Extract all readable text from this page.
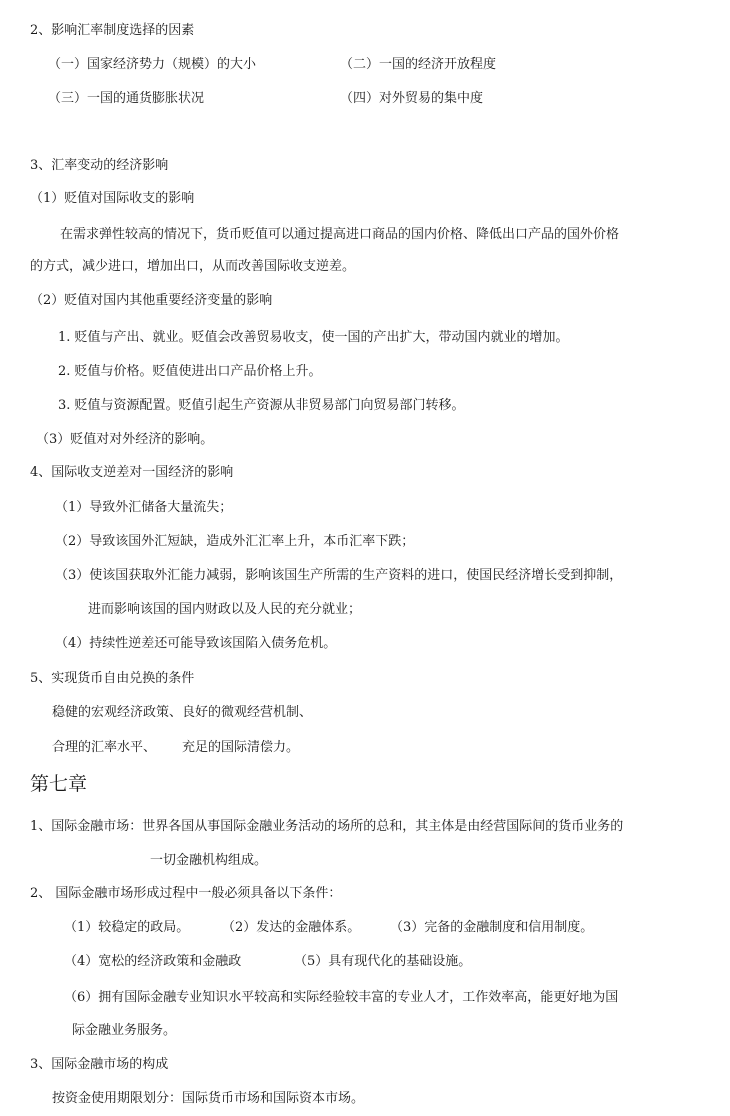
2、影响汇率制度选择的因素
（一）国家经济势力（规模）的大小	（二）一国的经济开放程度
（三）一国的通货膨胀状况	（四）对外贸易的集中度
3、汇率变动的经济影响
（1）贬值对国际收支的影响
在需求弹性较高的情况下，货币贬值可以通过提高进口商品的国内价格、降低出口产品的国外价格
的方式，减少进口，增加出口，从而改善国际收支逆差。
（2）贬值对国内其他重要经济变量的影响
1. 贬值与产出、就业。贬值会改善贸易收支，使一国的产出扩大，带动国内就业的增加。
2. 贬值与价格。贬值使进出口产品价格上升。
3. 贬值与资源配置。贬值引起生产资源从非贸易部门向贸易部门转移。
（3）贬值对对外经济的影响。
4、国际收支逆差对一国经济的影响
（1）导致外汇储备大量流失；
（2）导致该国外汇短缺，造成外汇汇率上升，本币汇率下跌；
（3）使该国获取外汇能力减弱，影响该国生产所需的生产资料的进口，使国民经济增长受到抑制，
进而影响该国的国内财政以及人民的充分就业；
（4）持续性逆差还可能导致该国陷入债务危机。
5、实现货币自由兑换的条件
稳健的宏观经济政策、良好的微观经营机制、
合理的汇率水平、 充足的国际清偿力。
第七章
1、国际金融市场：世界各国从事国际金融业务活动的场所的总和，其主体是由经营国际间的货币业务的
一切金融机构组成。
2、 国际金融市场形成过程中一般必须具备以下条件：
（1）较稳定的政局。	（2）发达的金融体系。 （3）完备的金融制度和信用制度。
（4）宽松的经济政策和金融政	（5）具有现代化的基础设施。
（6）拥有国际金融专业知识水平较高和实际经验较丰富的专业人才，工作效率高，能更好地为国
际金融业务服务。
3、国际金融市场的构成
按资金使用期限划分：国际货币市场和国际资本市场。
